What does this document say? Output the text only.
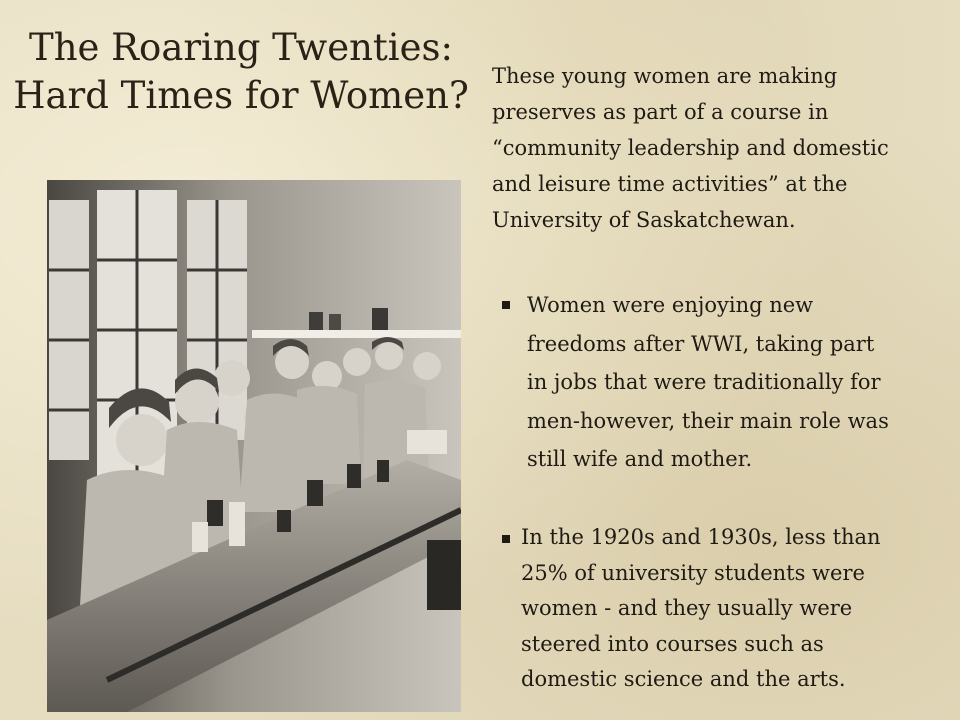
The Roaring Twenties:
Hard Times for Women?	These young women are making
preserves as part of a course in
“community leadership and domestic
and leisure time activities” at the
University of Saskatchewan.
Women were enjoying new
freedoms after WWI, taking part
in jobs that were traditionally for
men-however, their main role was
still wife and mother.
In the 1920s and 1930s, less than
25% of university students were
women - and they usually were
steered into courses such as
domestic science and the arts.
